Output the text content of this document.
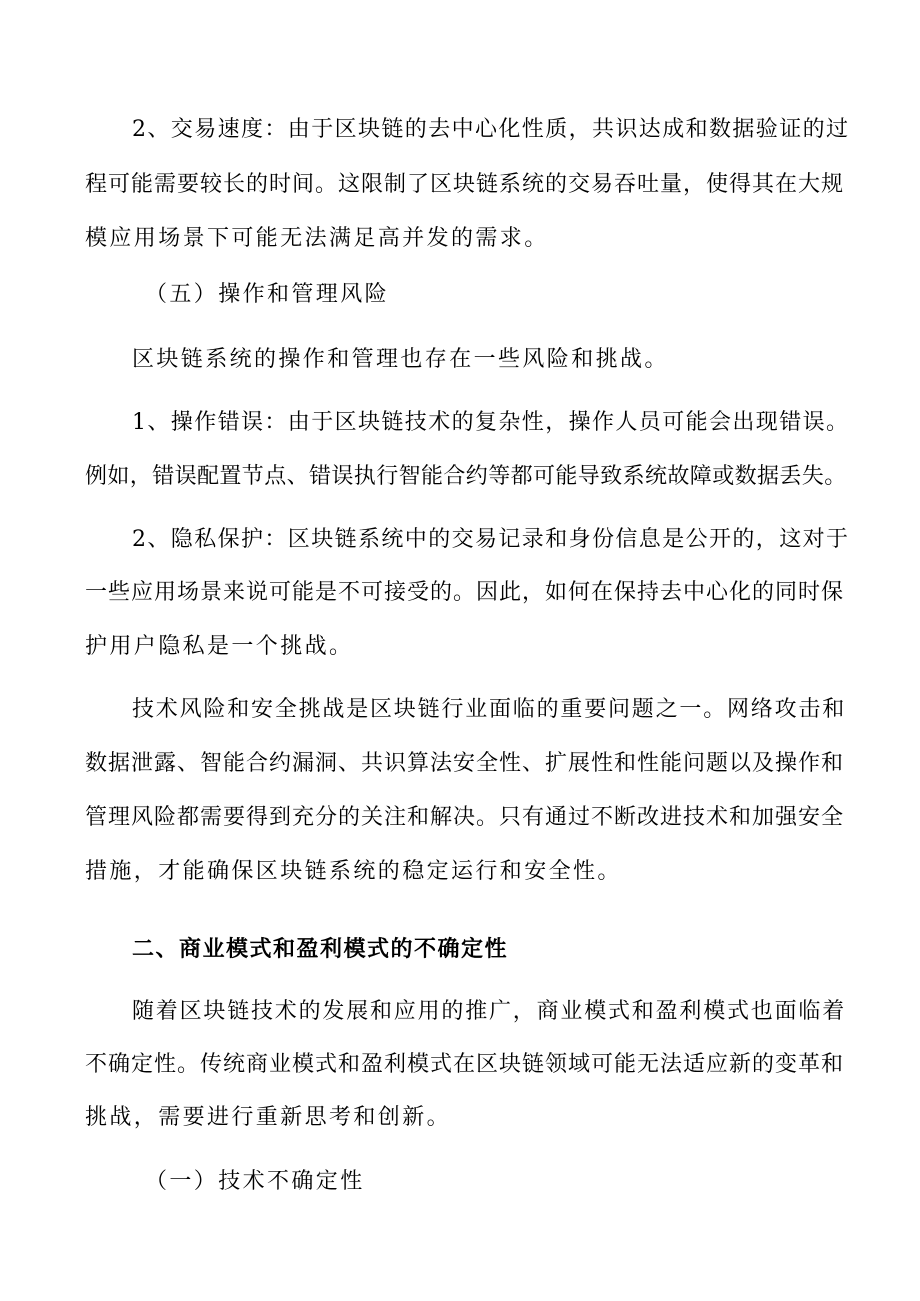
2、交易速度：由于区块链的去中心化性质，共识达成和数据验证的过
程可能需要较长的时间。这限制了区块链系统的交易吞吐量，使得其在大规
模应用场景下可能无法满足高并发的需求。
（五）操作和管理风险
区块链系统的操作和管理也存在一些风险和挑战。
1、操作错误：由于区块链技术的复杂性，操作人员可能会出现错误。
例如，错误配置节点、错误执行智能合约等都可能导致系统故障或数据丢失。
2、隐私保护：区块链系统中的交易记录和身份信息是公开的，这对于
一些应用场景来说可能是不可接受的。因此，如何在保持去中心化的同时保
护用户隐私是一个挑战。
技术风险和安全挑战是区块链行业面临的重要问题之一。网络攻击和
数据泄露、智能合约漏洞、共识算法安全性、扩展性和性能问题以及操作和
管理风险都需要得到充分的关注和解决。只有通过不断改进技术和加强安全
措施，才能确保区块链系统的稳定运行和安全性。
二、商业模式和盈利模式的不确定性
随着区块链技术的发展和应用的推广，商业模式和盈利模式也面临着
不确定性。传统商业模式和盈利模式在区块链领域可能无法适应新的变革和
挑战，需要进行重新思考和创新。
（一）技术不确定性
